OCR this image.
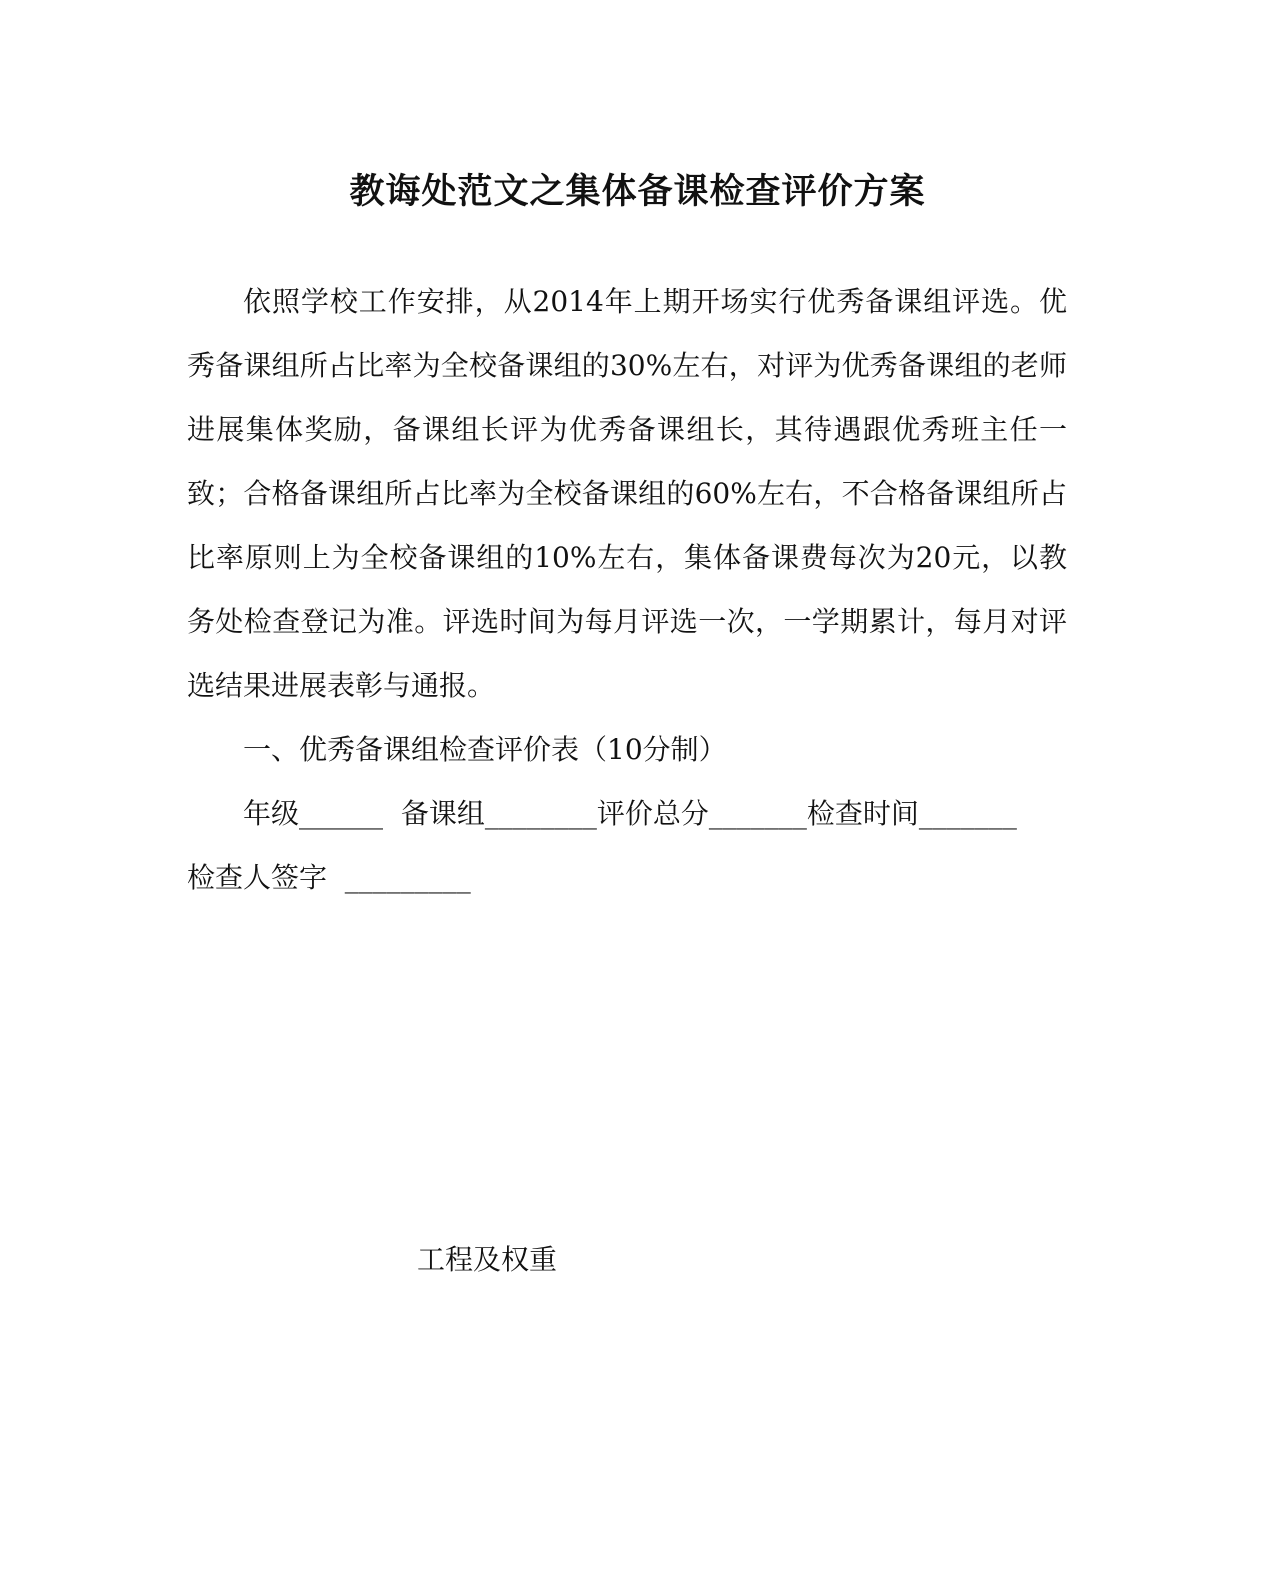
教诲处范文之集体备课检查评价方案

依照学校工作安排，从2014年上期开场实行优秀备课组评选。优秀备课组所占比率为全校备课组的30%左右，对评为优秀备课组的老师进展集体奖励，备课组长评为优秀备课组长，其待遇跟优秀班主任一致；合格备课组所占比率为全校备课组的60%左右，不合格备课组所占比率原则上为全校备课组的10%左右，集体备课费每次为20元，以教务处检查登记为准。评选时间为每月评选一次，一学期累计，每月对评选结果进展表彰与通报。

一、优秀备课组检查评价表（10分制）

年级______  备课组________评价总分_______检查时间_______
检查人签字  _________

工程及权重
